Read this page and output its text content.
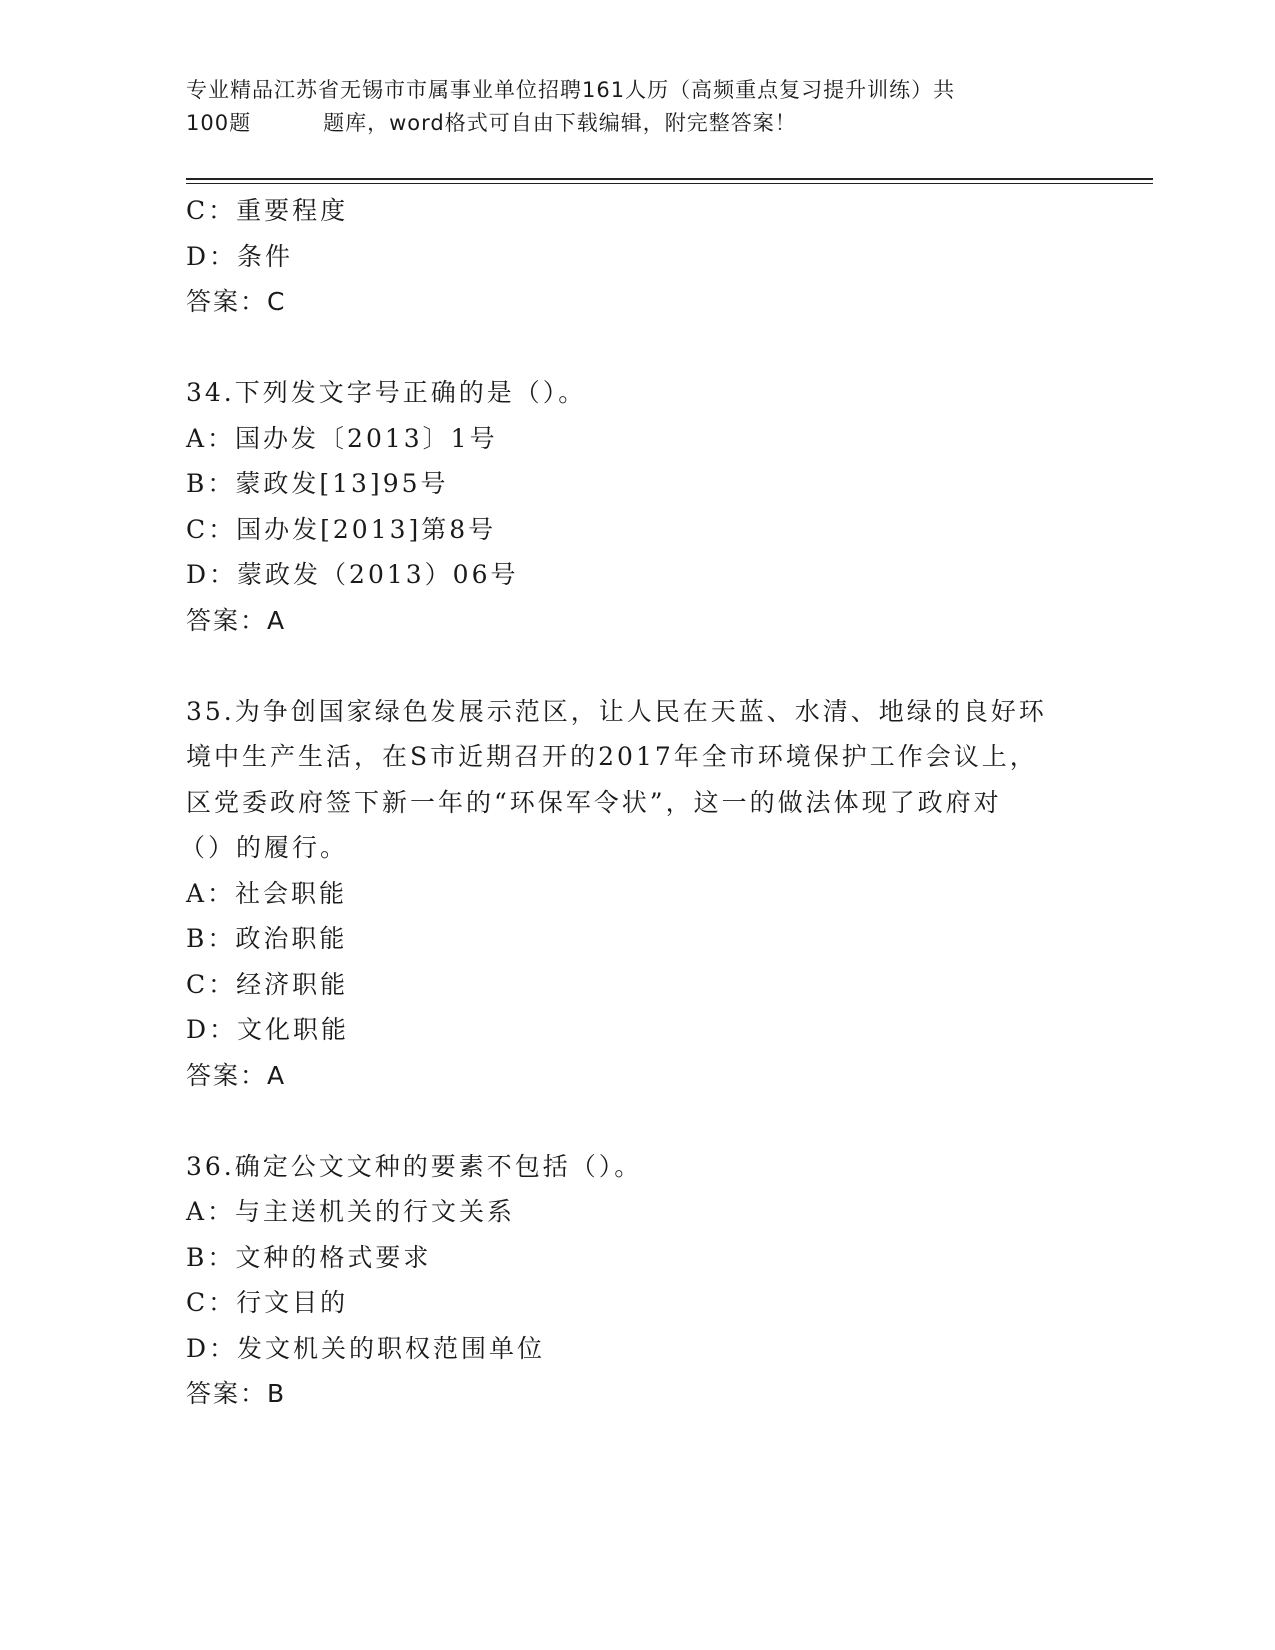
专业精品江苏省无锡市市属事业单位招聘161人历（高频重点复习提升训练）共
100题	题库，word格式可自由下载编辑，附完整答案！
C：重要程度
D：条件
答案：C
34.下列发文字号正确的是（）。
A：国办发〔2013〕1号
B：蒙政发[13]95号
C：国办发[2013]第8号
D：蒙政发（2013）06号
答案：A
35.为争创国家绿色发展示范区，让人民在天蓝、水清、地绿的良好环
境中生产生活，在S市近期召开的2017年全市环境保护工作会议上，
区党委政府签下新一年的“环保军令状”，这一的做法体现了政府对
（）的履行。
A：社会职能
B：政治职能
C：经济职能
D：文化职能
答案：A
36.确定公文文种的要素不包括（）。
A：与主送机关的行文关系
B：文种的格式要求
C：行文目的
D：发文机关的职权范围单位
答案：B
